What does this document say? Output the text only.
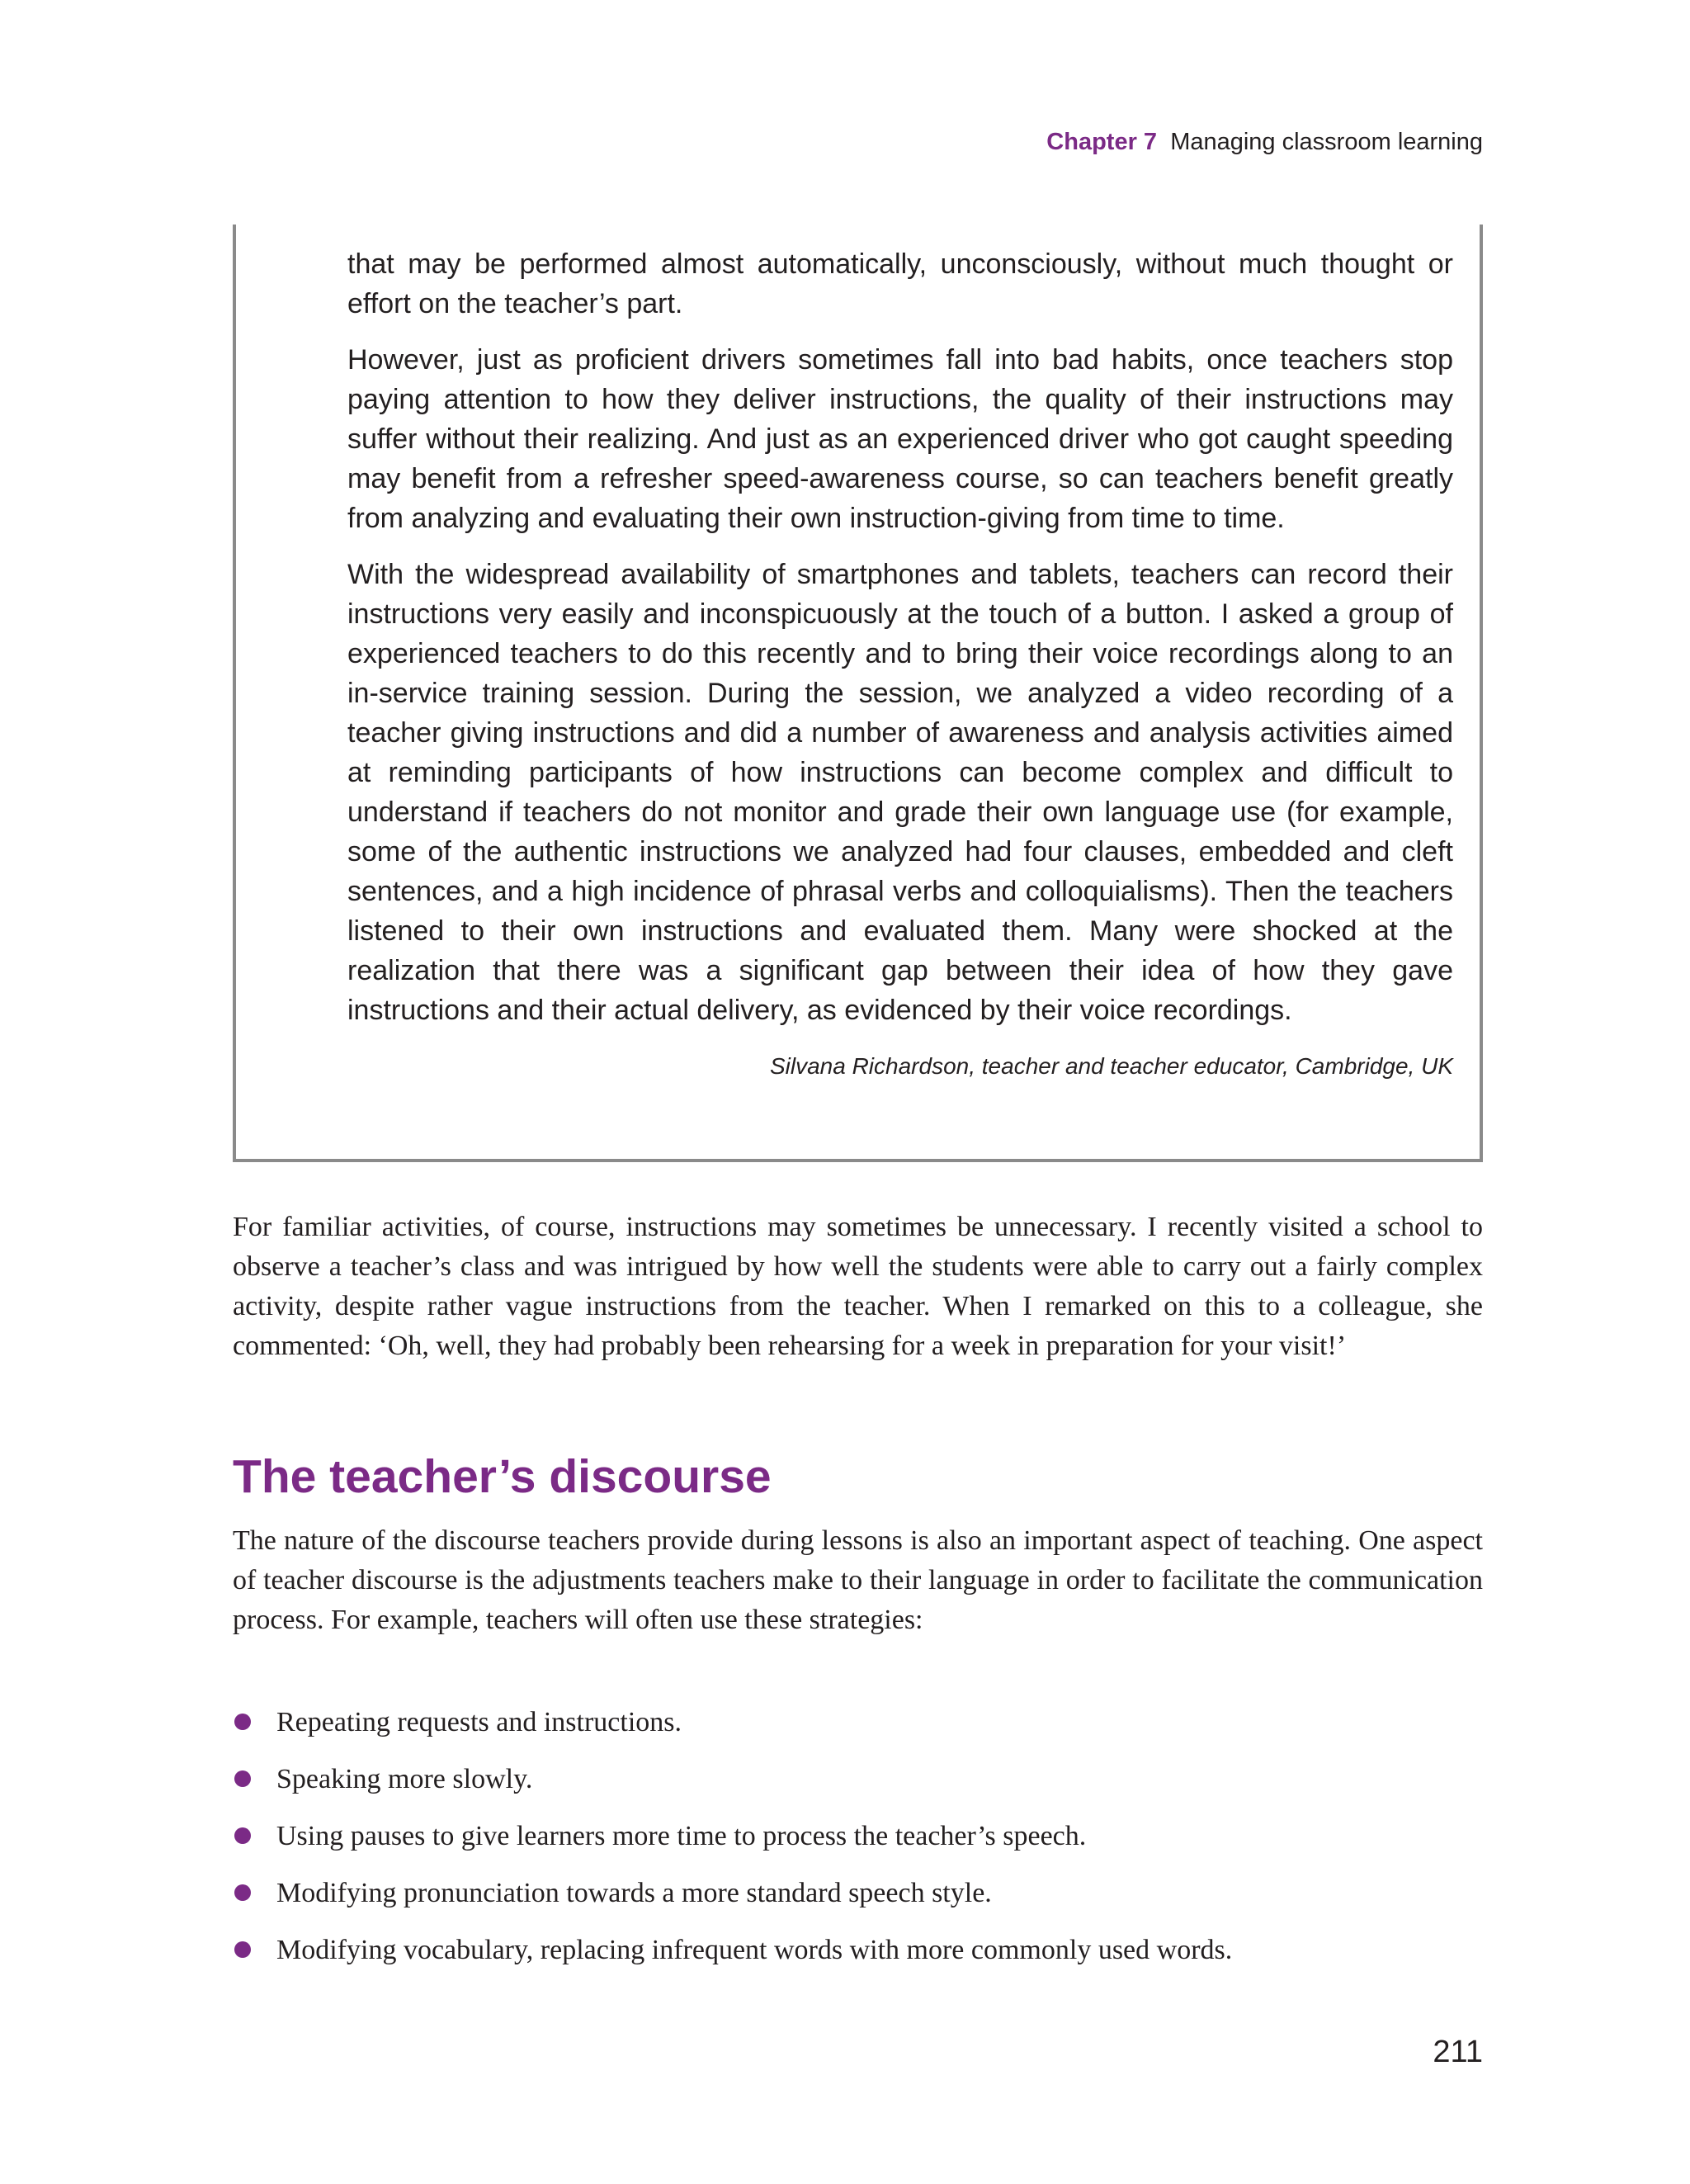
Chapter 7 Managing classroom learning

that may be performed almost automatically, unconsciously, without much thought or effort on the teacher’s part.

However, just as proficient drivers sometimes fall into bad habits, once teachers stop paying attention to how they deliver instructions, the quality of their instructions may suffer without their realizing. And just as an experienced driver who got caught speeding may benefit from a refresher speed-awareness course, so can teachers benefit greatly from analyzing and evaluating their own instruction-giving from time to time.

With the widespread availability of smartphones and tablets, teachers can record their instructions very easily and inconspicuously at the touch of a button. I asked a group of experienced teachers to do this recently and to bring their voice recordings along to an in-service training session. During the session, we analyzed a video recording of a teacher giving instructions and did a number of awareness and analysis activities aimed at reminding participants of how instructions can become complex and difficult to understand if teachers do not monitor and grade their own language use (for example, some of the authentic instructions we analyzed had four clauses, embedded and cleft sentences, and a high incidence of phrasal verbs and colloquialisms). Then the teachers listened to their own instructions and evaluated them. Many were shocked at the realization that there was a significant gap between their idea of how they gave instructions and their actual delivery, as evidenced by their voice recordings.

Silvana Richardson, teacher and teacher educator, Cambridge, UK

For familiar activities, of course, instructions may sometimes be unnecessary. I recently visited a school to observe a teacher’s class and was intrigued by how well the students were able to carry out a fairly complex activity, despite rather vague instructions from the teacher. When I remarked on this to a colleague, she commented: ‘Oh, well, they had probably been rehearsing for a week in preparation for your visit!’

The teacher’s discourse

The nature of the discourse teachers provide during lessons is also an important aspect of teaching. One aspect of teacher discourse is the adjustments teachers make to their language in order to facilitate the communication process. For example, teachers will often use these strategies:

Repeating requests and instructions.
Speaking more slowly.
Using pauses to give learners more time to process the teacher’s speech.
Modifying pronunciation towards a more standard speech style.
Modifying vocabulary, replacing infrequent words with more commonly used words.
211
